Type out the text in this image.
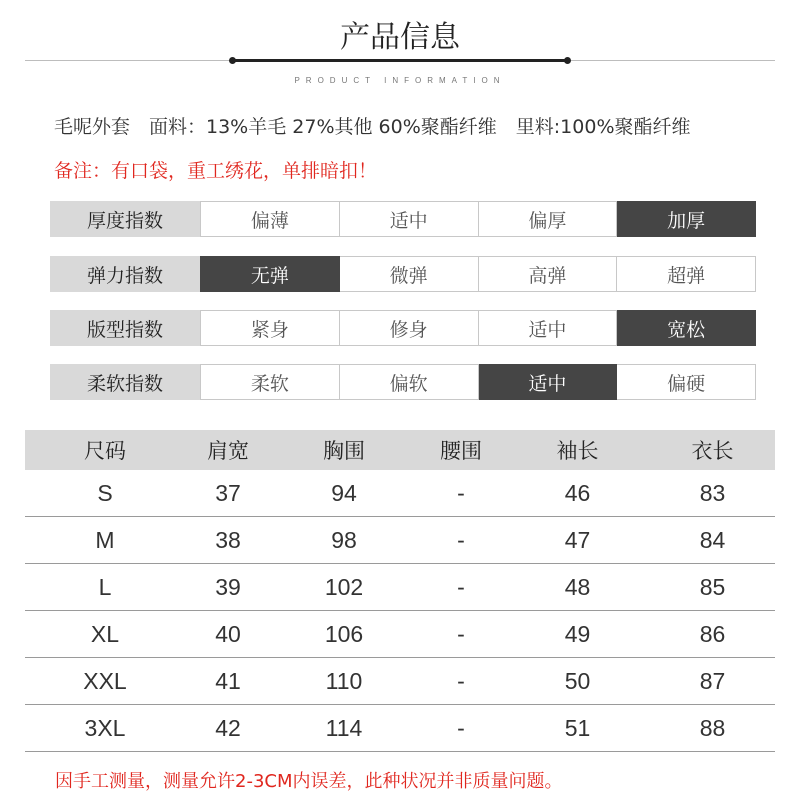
产品信息
PRODUCT INFORMATION
毛呢外套　面料：13%羊毛 27%其他 60%聚酯纤维　里料:100%聚酯纤维
备注：有口袋，重工绣花，单排暗扣！
厚度指数	偏薄	适中	偏厚	加厚
弹力指数	无弹	微弹	高弹	超弹
版型指数	紧身	修身	适中	宽松
柔软指数	柔软	偏软	适中	偏硬
尺码	肩宽	胸围	腰围	袖长	衣长
S	37	94	-	46	83
M	38	98	-	47	84
L	39	102	-	48	85
XL	40	106	-	49	86
XXL	41	110	-	50	87
3XL	42	114	-	51	88
因手工测量，测量允许2-3CM内误差，此种状况并非质量问题。
